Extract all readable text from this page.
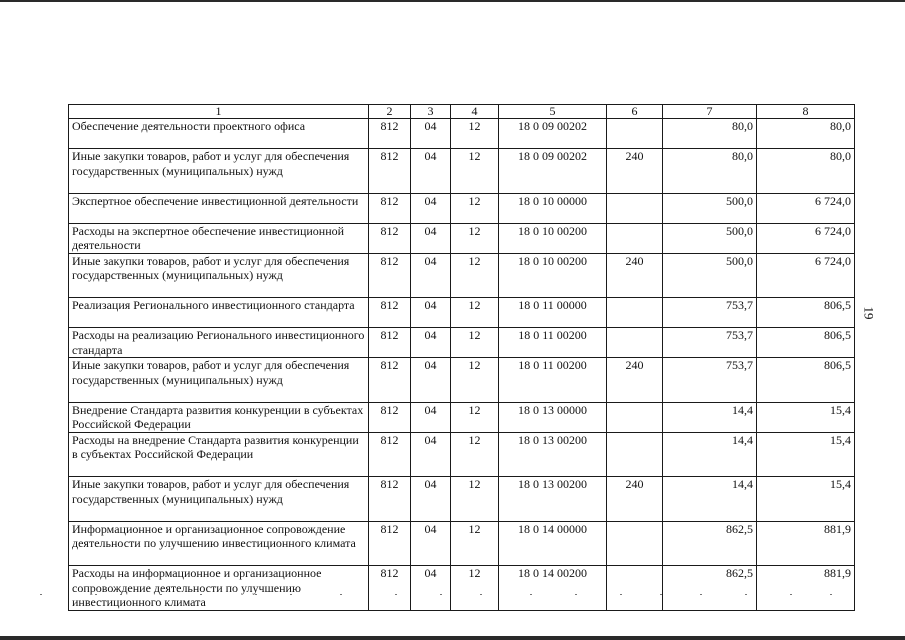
19
1	2	3	4	5	6	7	8
Обеспечение деятельности проектного офиса	812	04	12	18 0 09 00202		80,0	80,0
Иные закупки товаров, работ и услуг для обеспечения государственных (муниципальных) нужд	812	04	12	18 0 09 00202	240	80,0	80,0
Экспертное обеспечение инвестиционной деятельности	812	04	12	18 0 10 00000		500,0	6 724,0
Расходы на экспертное обеспечение инвестиционной деятельности	812	04	12	18 0 10 00200		500,0	6 724,0
Иные закупки товаров, работ и услуг для обеспечения государственных (муниципальных) нужд	812	04	12	18 0 10 00200	240	500,0	6 724,0
Реализация Регионального инвестиционного стандарта	812	04	12	18 0 11 00000		753,7	806,5
Расходы на реализацию Регионального инвестиционного стандарта	812	04	12	18 0 11 00200		753,7	806,5
Иные закупки товаров, работ и услуг для обеспечения государственных (муниципальных) нужд	812	04	12	18 0 11 00200	240	753,7	806,5
Внедрение Стандарта развития конкуренции в субъектах Российской Федерации	812	04	12	18 0 13 00000		14,4	15,4
Расходы на внедрение Стандарта развития конкуренции в субъектах Российской Федерации	812	04	12	18 0 13 00200		14,4	15,4
Иные закупки товаров, работ и услуг для обеспечения государственных (муниципальных) нужд	812	04	12	18 0 13 00200	240	14,4	15,4
Информационное и организационное сопровождение деятельности по улучшению инвестиционного климата	812	04	12	18 0 14 00000		862,5	881,9
Расходы на информационное и организационное сопровождение деятельности по улучшению инвестиционного климата	812	04	12	18 0 14 00200		862,5	881,9
